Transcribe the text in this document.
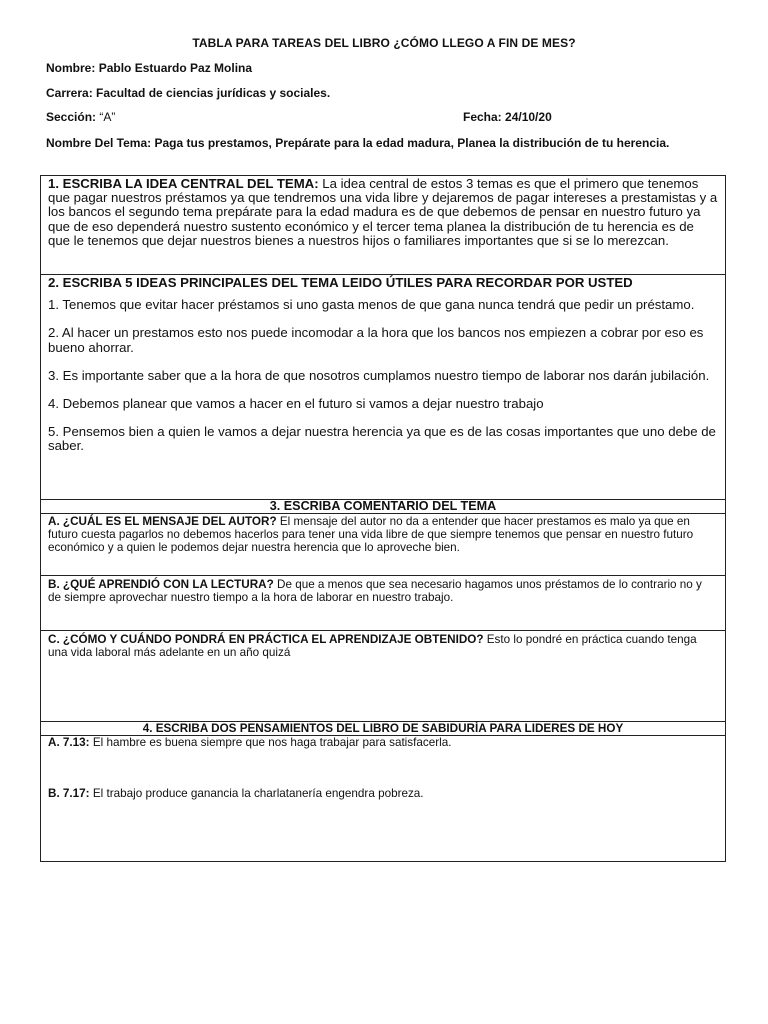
TABLA PARA TAREAS DEL LIBRO ¿CÓMO LLEGO A FIN DE MES?
Nombre: Pablo Estuardo Paz Molina
Carrera: Facultad de ciencias jurídicas y sociales.
Sección: “A”	Fecha: 24/10/20
Nombre Del Tema: Paga tus prestamos, Prepárate para la edad madura, Planea la distribución de tu herencia.
1. ESCRIBA LA IDEA CENTRAL DEL TEMA: La idea central de estos 3 temas es que el primero que tenemos que pagar nuestros préstamos ya que tendremos una vida libre y dejaremos de pagar intereses a prestamistas y a los bancos el segundo tema prepárate para la edad madura es de que debemos de pensar en nuestro futuro ya que de eso dependerá nuestro sustento económico y el tercer tema planea la distribución de tu herencia es de que le tenemos que dejar nuestros bienes a nuestros hijos o familiares importantes que si se lo merezcan.
2. ESCRIBA 5 IDEAS PRINCIPALES DEL TEMA LEIDO ÚTILES PARA RECORDAR POR USTED
1. Tenemos que evitar hacer préstamos si uno gasta menos de que gana nunca tendrá que pedir un préstamo.
2. Al hacer un prestamos esto nos puede incomodar a la hora que los bancos nos empiezen a cobrar por eso es bueno ahorrar.
3. Es importante saber que a la hora de que nosotros cumplamos nuestro tiempo de laborar nos darán jubilación.
4. Debemos planear que vamos a hacer en el futuro si vamos a dejar nuestro trabajo
5. Pensemos bien a quien le vamos a dejar nuestra herencia ya que es de las cosas importantes que uno debe de saber.
3. ESCRIBA COMENTARIO DEL TEMA
A. ¿CUÁL ES EL MENSAJE DEL AUTOR? El mensaje del autor no da a entender que hacer prestamos es malo ya que en futuro cuesta pagarlos no debemos hacerlos para tener una vida libre de que siempre tenemos que pensar en nuestro futuro económico y a quien le podemos dejar nuestra herencia que lo aproveche bien.
B. ¿QUÉ APRENDIÓ CON LA LECTURA? De que a menos que sea necesario hagamos unos préstamos de lo contrario no y de siempre aprovechar nuestro tiempo a la hora de laborar en nuestro trabajo.
C. ¿CÓMO Y CUÁNDO PONDRÁ EN PRÁCTICA EL APRENDIZAJE OBTENIDO? Esto lo pondré en práctica cuando tenga una vida laboral más adelante en un año quizá
4. ESCRIBA DOS PENSAMIENTOS DEL LIBRO DE SABIDURÍA PARA LIDERES DE HOY
A. 7.13: El hambre es buena siempre que nos haga trabajar para satisfacerla.
B. 7.17: El trabajo produce ganancia la charlatanería engendra pobreza.
